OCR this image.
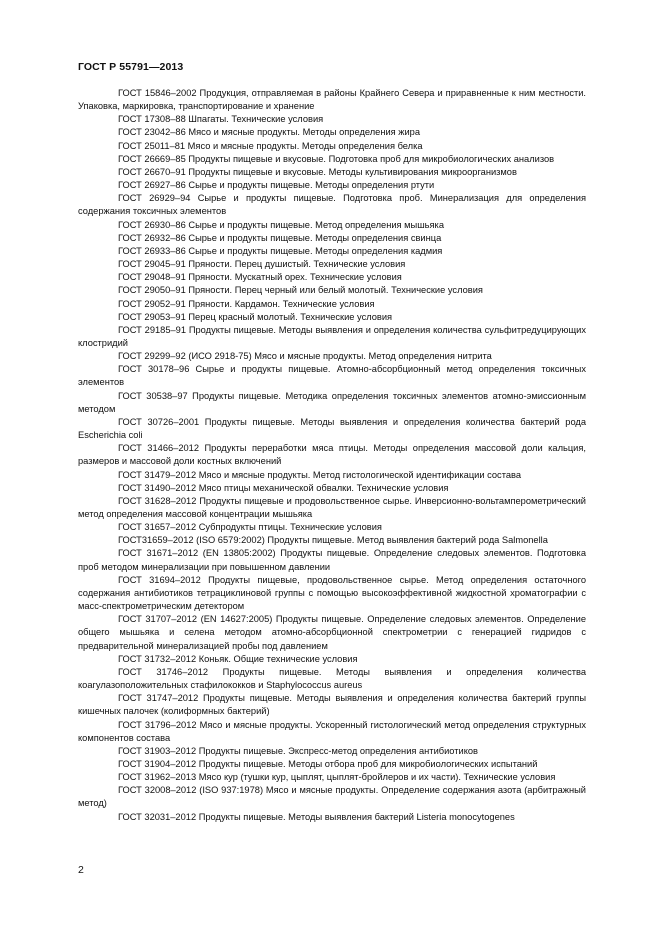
ГОСТ Р 55791—2013

ГОСТ 15846–2002 Продукция, отправляемая в районы Крайнего Севера и приравненные к ним местности. Упаковка, маркировка, транспортирование и хранение

ГОСТ 17308–88 Шпагаты. Технические условия

ГОСТ 23042–86 Мясо и мясные продукты. Методы определения жира

ГОСТ 25011–81 Мясо и мясные продукты. Методы определения белка

ГОСТ 26669–85 Продукты пищевые и вкусовые. Подготовка проб для микробиологических анализов

ГОСТ 26670–91 Продукты пищевые и вкусовые. Методы культивирования микроорганизмов

ГОСТ 26927–86 Сырье и продукты пищевые. Методы определения ртути

ГОСТ 26929–94 Сырье и продукты пищевые. Подготовка проб. Минерализация для определения содержания токсичных элементов

ГОСТ 26930–86 Сырье и продукты пищевые. Метод определения мышьяка

ГОСТ 26932–86 Сырье и продукты пищевые. Методы определения свинца

ГОСТ 26933–86 Сырье и продукты пищевые. Методы определения кадмия

ГОСТ 29045–91 Пряности. Перец душистый. Технические условия

ГОСТ 29048–91 Пряности. Мускатный орех. Технические условия

ГОСТ 29050–91 Пряности. Перец черный или белый молотый. Технические условия

ГОСТ 29052–91 Пряности. Кардамон. Технические условия

ГОСТ 29053–91 Перец красный молотый. Технические условия

ГОСТ 29185–91 Продукты пищевые. Методы выявления и определения количества сульфитредуцирующих клостридий

ГОСТ 29299–92 (ИСО 2918-75) Мясо и мясные продукты. Метод определения нитрита

ГОСТ 30178–96 Сырье и продукты пищевые. Атомно-абсорбционный метод определения токсичных элементов

ГОСТ 30538–97 Продукты пищевые. Методика определения токсичных элементов атомно-эмиссионным методом

ГОСТ 30726–2001 Продукты пищевые. Методы выявления и определения количества бактерий рода Escherichia coli

ГОСТ 31466–2012 Продукты переработки мяса птицы. Методы определения массовой доли кальция, размеров и массовой доли костных включений

ГОСТ 31479–2012 Мясо и мясные продукты. Метод гистологической идентификации состава

ГОСТ 31490–2012 Мясо птицы механической обвалки. Технические условия

ГОСТ 31628–2012 Продукты пищевые и продовольственное сырье. Инверсионно-вольтамперометрический метод определения массовой концентрации мышьяка

ГОСТ 31657–2012 Субпродукты птицы. Технические условия

ГОСТ31659–2012 (ISO 6579:2002) Продукты пищевые. Метод выявления бактерий рода Salmonella

ГОСТ 31671–2012 (EN 13805:2002) Продукты пищевые. Определение следовых элементов. Подготовка проб методом минерализации при повышенном давлении

ГОСТ 31694–2012 Продукты пищевые, продовольственное сырье. Метод определения остаточного содержания антибиотиков тетрациклиновой группы с помощью высокоэффективной жидкостной хроматографии с масс-спектрометрическим детектором

ГОСТ 31707–2012 (EN 14627:2005) Продукты пищевые. Определение следовых элементов. Определение общего мышьяка и селена методом атомно-абсорбционной спектрометрии с генерацией гидридов с предварительной минерализацией пробы под давлением

ГОСТ 31732–2012 Коньяк. Общие технические условия

ГОСТ 31746–2012 Продукты пищевые. Методы выявления и определения количества коагулазоположительных стафилококков и Staphylococcus aureus

ГОСТ 31747–2012 Продукты пищевые. Методы выявления и определения количества бактерий группы кишечных палочек (колиформных бактерий)

ГОСТ 31796–2012 Мясо и мясные продукты. Ускоренный гистологический метод определения структурных компонентов состава

ГОСТ 31903–2012 Продукты пищевые. Экспресс-метод определения антибиотиков

ГОСТ 31904–2012 Продукты пищевые. Методы отбора проб для микробиологических испытаний

ГОСТ 31962–2013 Мясо кур (тушки кур, цыплят, цыплят-бройлеров и их части). Технические условия

ГОСТ 32008–2012 (ISO 937:1978) Мясо и мясные продукты. Определение содержания азота (арбитражный метод)

ГОСТ 32031–2012 Продукты пищевые. Методы выявления бактерий Listeria monocytogenes

2
